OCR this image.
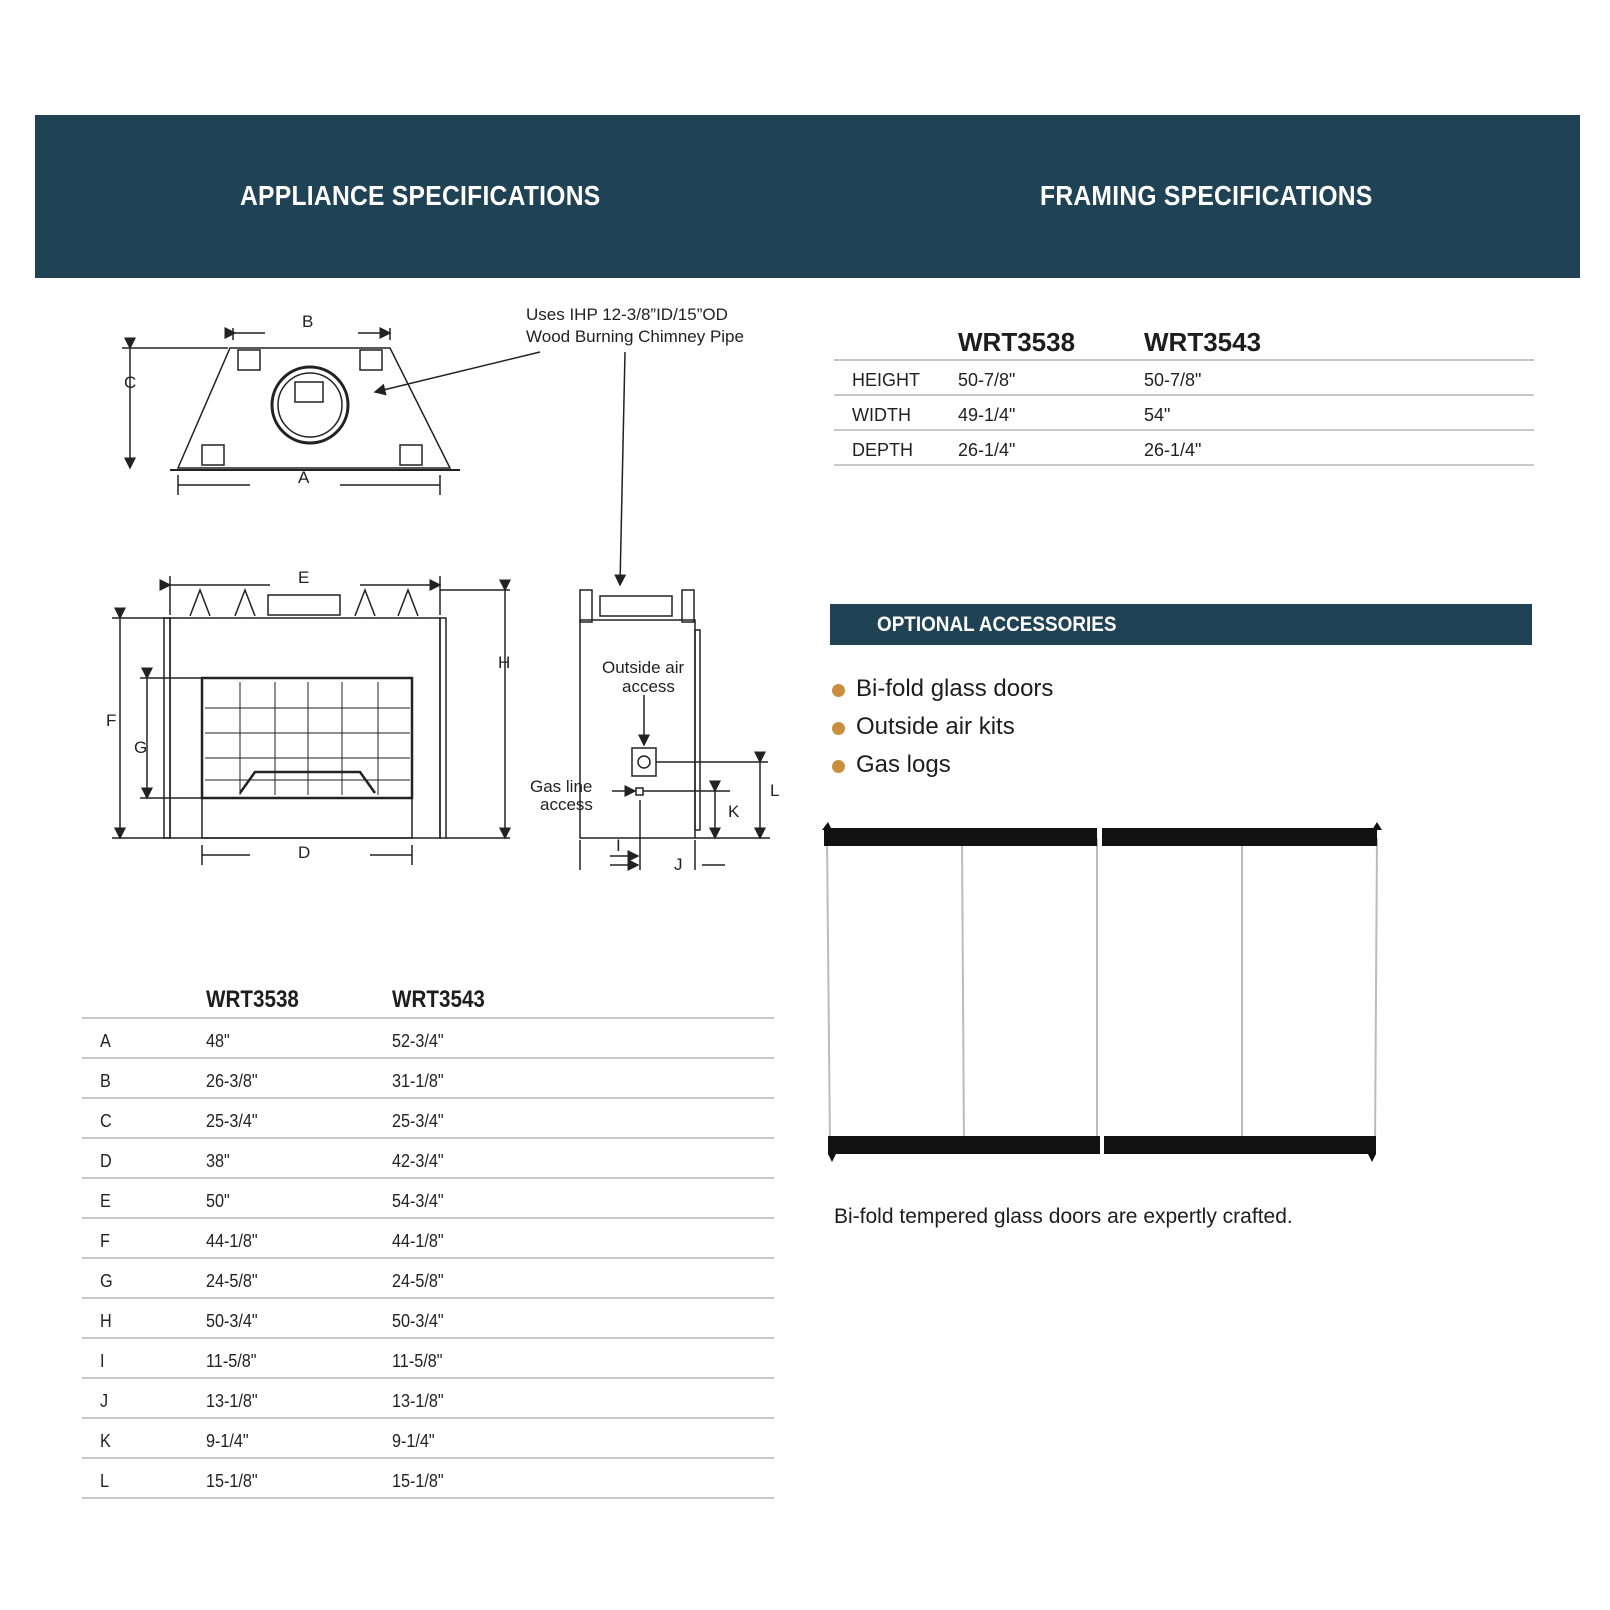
APPLIANCE SPECIFICATIONS	FRAMING SPECIFICATIONS
B
C
A
E
F
G
H
D	I
J
K
L
Uses IHP 12-3/8”ID/15”OD
Wood Burning Chimney Pipe
Outside air
access
Gas line
access
WRT3538	WRT3543
A	48"	52-3/4"
B	26-3/8"	31-1/8"
C	25-3/4"	25-3/4"
D	38"	42-3/4"
E	50"	54-3/4"
F	44-1/8"	44-1/8"
G	24-5/8"	24-5/8"
H	50-3/4"	50-3/4"
I	11-5/8"	11-5/8"
J	13-1/8"	13-1/8"
K	9-1/4"	9-1/4"
L	15-1/8"	15-1/8"
WRT3538	WRT3543
HEIGHT 50-7/8"	50-7/8"
WIDTH	49-1/4"	54"
DEPTH 26-1/4"	26-1/4"
OPTIONAL ACCESSORIES
Bi-fold glass doors
Outside air kits
Gas logs
Bi-fold tempered glass doors are expertly crafted.
